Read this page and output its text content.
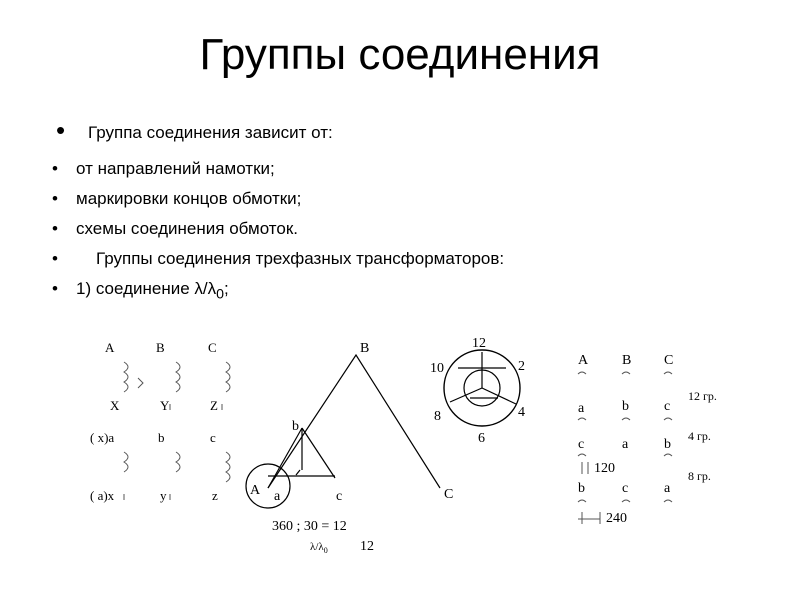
Группы соединения
• Группа соединения зависит от:
• от направлений намотки;
• маркировки концов обмотки;
• схемы соединения обмоток.
• Группы соединения трехфазных трансформаторов:
• 1) соединение $\lambda/\lambda_0$;
A	B	C
X	Y	Z
( x)a	b	c
( a)x	y	z
B
C
A a
b
c
360 ; 30 = 12
$\lambda/\lambda_0$ 12
12
2
4
6
8
10
A B C
a	b	c
12 гр.
c	a	b
4 гр.
120
b	c	a
8 гр.
240
